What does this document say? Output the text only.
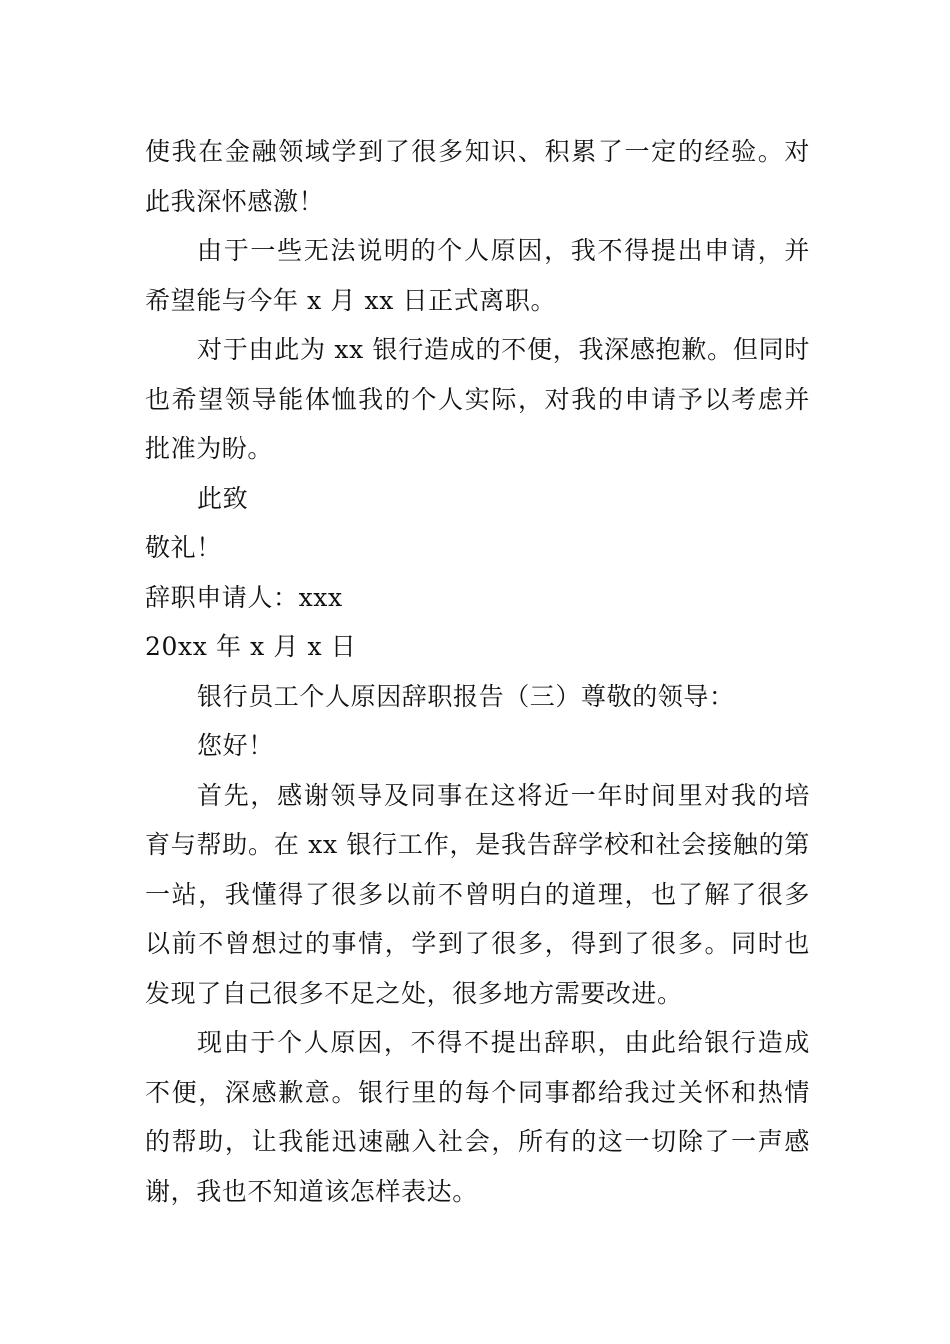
使我在金融领域学到了很多知识、积累了一定的经验。对此我深怀感激！

由于一些无法说明的个人原因，我不得提出申请，并希望能与今年 x 月 xx 日正式离职。

对于由此为 xx 银行造成的不便，我深感抱歉。但同时也希望领导能体恤我的个人实际，对我的申请予以考虑并批准为盼。

此致

敬礼！

辞职申请人：xxx

20xx 年 x 月 x 日

银行员工个人原因辞职报告（三）尊敬的领导：

您好！

首先，感谢领导及同事在这将近一年时间里对我的培育与帮助。在 xx 银行工作，是我告辞学校和社会接触的第一站，我懂得了很多以前不曾明白的道理，也了解了很多以前不曾想过的事情，学到了很多，得到了很多。同时也发现了自己很多不足之处，很多地方需要改进。

现由于个人原因，不得不提出辞职，由此给银行造成不便，深感歉意。银行里的每个同事都给我过关怀和热情的帮助，让我能迅速融入社会，所有的这一切除了一声感谢，我也不知道该怎样表达。
